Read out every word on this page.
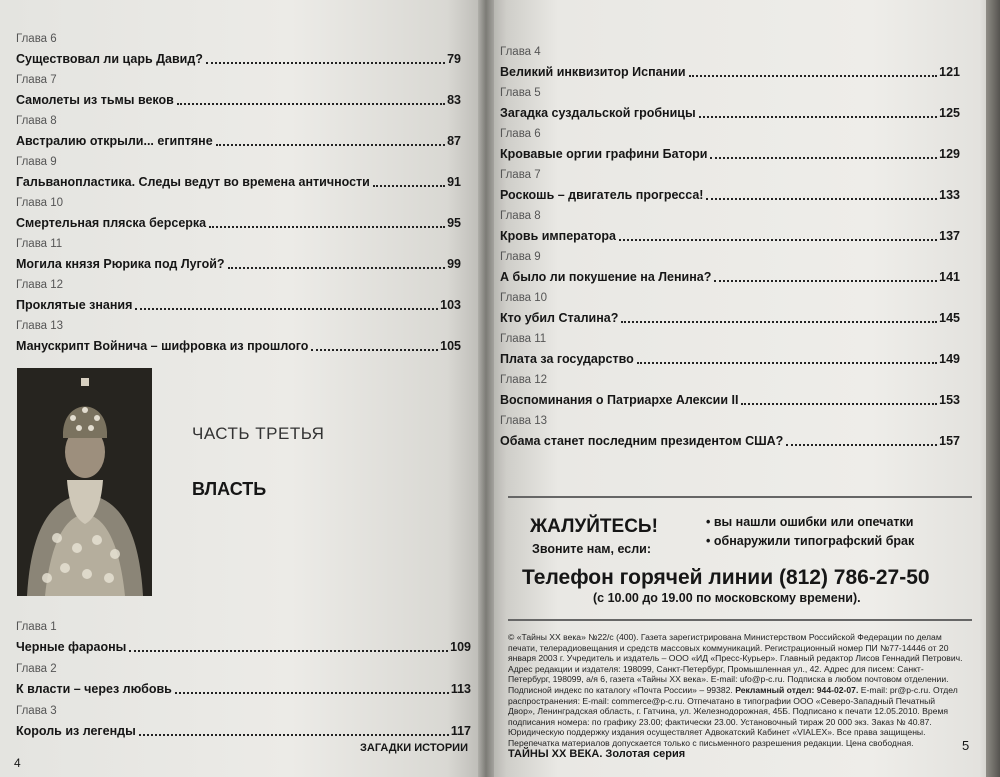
Глава 6
Существовал ли царь Давид?	79
Глава 7
Самолеты из тьмы веков	83
Глава 8
Австралию открыли... египтяне	87
Глава 9
Гальванопластика. Следы ведут во времена античности	91
Глава 10
Смертельная пляска берсерка	95
Глава 11
Могила князя Рюрика под Лугой?	99
Глава 12
Проклятые знания	103
Глава 13
Манускрипт Войнича – шифровка из прошлого	105
ЧАСТЬ ТРЕТЬЯ
ВЛАСТЬ
Глава 1
Черные фараоны	109
Глава 2
К власти – через любовь	113
Глава 3
Король из легенды	117
ЗАГАДКИ ИСТОРИИ
4
Глава 4
Великий инквизитор Испании	121
Глава 5
Загадка суздальской гробницы	125
Глава 6
Кровавые оргии графини Батори	129
Глава 7
Роскошь – двигатель прогресса!	133
Глава 8
Кровь императора	137
Глава 9
А было ли покушение на Ленина?	141
Глава 10
Кто убил Сталина?	145
Глава 11
Плата за государство	149
Глава 12
Воспоминания о Патриархе Алексии II	153
Глава 13
Обама станет последним президентом США?	157
ЖАЛУЙТЕСЬ!
Звоните нам, если:
• вы нашли ошибки или опечатки
• обнаружили типографский брак
Телефон горячей линии (812) 786-27-50
(с 10.00 до 19.00 по московскому времени).
© «Тайны XX века» №22/с (400). Газета зарегистрирована Министерством Российской Федерации по делам печати, телерадиовещания и средств массовых коммуникаций. Регистрационный номер ПИ №77-14446 от 20 января 2003 г. Учредитель и издатель – ООО «ИД «Пресс-Курьер». Главный редактор Лисов Геннадий Петрович. Адрес редакции и издателя: 198099, Санкт-Петербург, Промышленная ул., 42. Адрес для писем: Санкт-Петербург, 198099, а/я 6, газета «Тайны XX века». E-mail: ufo@p-c.ru. Подписка в любом почтовом отделении. Подписной индекс по каталогу «Почта России» – 99382. Рекламный отдел: 944-02-07. E-mail: pr@p-c.ru. Отдел распространения: E-mail: commerce@p-c.ru. Отпечатано в типографии ООО «Северо-Западный Печатный Двор», Ленинградская область, г. Гатчина, ул. Железнодорожная, 45Б. Подписано к печати 12.05.2010. Время подписания номера: по графику 23.00; фактически 23.00. Установочный тираж 20 000 экз. Заказ № 40.87. Юридическую поддержку издания осуществляет Адвокатский Кабинет «VIALEX». Все права защищены. Перепечатка материалов допускается только с письменного разрешения редакции. Цена свободная.
ТАЙНЫ XX ВЕКА. Золотая серия
5
